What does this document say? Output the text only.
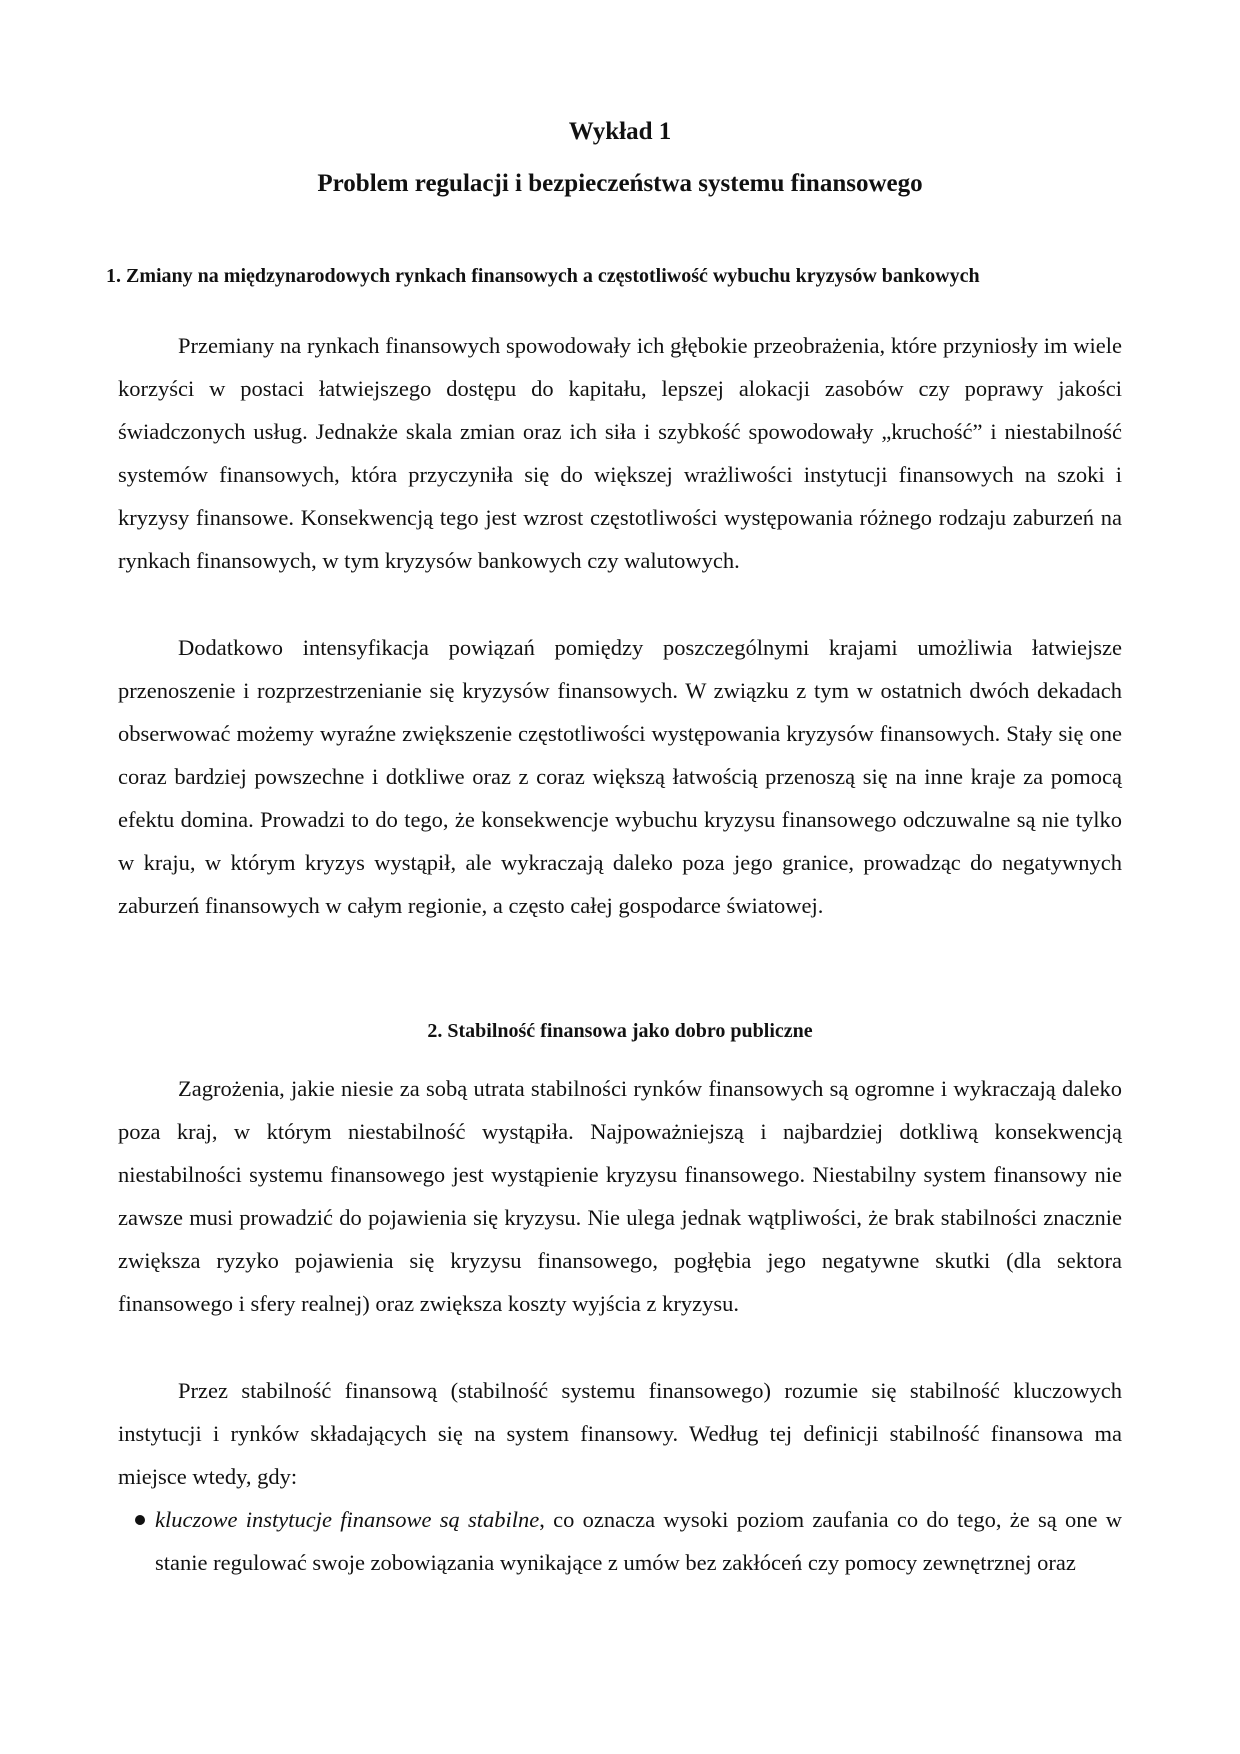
Wykład 1
Problem regulacji i bezpieczeństwa systemu finansowego
1. Zmiany na międzynarodowych rynkach finansowych a częstotliwość wybuchu kryzysów bankowych

Przemiany na rynkach finansowych spowodowały ich głębokie przeobrażenia, które przyniosły im wiele korzyści w postaci łatwiejszego dostępu do kapitału, lepszej alokacji zasobów czy poprawy jakości świadczonych usług. Jednakże skala zmian oraz ich siła i szybkość spowodowały „kruchość” i niestabilność systemów finansowych, która przyczyniła się do większej wrażliwości instytucji finansowych na szoki i kryzysy finansowe. Konsekwencją tego jest wzrost częstotliwości występowania różnego rodzaju zaburzeń na rynkach finansowych, w tym kryzysów bankowych czy walutowych.

Dodatkowo intensyfikacja powiązań pomiędzy poszczególnymi krajami umożliwia łatwiejsze przenoszenie i rozprzestrzenianie się kryzysów finansowych. W związku z tym w ostatnich dwóch dekadach obserwować możemy wyraźne zwiększenie częstotliwości występowania kryzysów finansowych. Stały się one coraz bardziej powszechne i dotkliwe oraz z coraz większą łatwością przenoszą się na inne kraje za pomocą efektu domina. Prowadzi to do tego, że konsekwencje wybuchu kryzysu finansowego odczuwalne są nie tylko w kraju, w którym kryzys wystąpił, ale wykraczają daleko poza jego granice, prowadząc do negatywnych zaburzeń finansowych w całym regionie, a często całej gospodarce światowej.

2. Stabilność finansowa jako dobro publiczne

Zagrożenia, jakie niesie za sobą utrata stabilności rynków finansowych są ogromne i wykraczają daleko poza kraj, w którym niestabilność wystąpiła. Najpoważniejszą i najbardziej dotkliwą konsekwencją niestabilności systemu finansowego jest wystąpienie kryzysu finansowego. Niestabilny system finansowy nie zawsze musi prowadzić do pojawienia się kryzysu. Nie ulega jednak wątpliwości, że brak stabilności znacznie zwiększa ryzyko pojawienia się kryzysu finansowego, pogłębia jego negatywne skutki (dla sektora finansowego i sfery realnej) oraz zwiększa koszty wyjścia z kryzysu.

Przez stabilność finansową (stabilność systemu finansowego) rozumie się stabilność kluczowych instytucji i rynków składających się na system finansowy. Według tej definicji stabilność finansowa ma miejsce wtedy, gdy:

kluczowe instytucje finansowe są stabilne, co oznacza wysoki poziom zaufania co do tego, że są one w stanie regulować swoje zobowiązania wynikające z umów bez zakłóceń czy pomocy zewnętrznej oraz
